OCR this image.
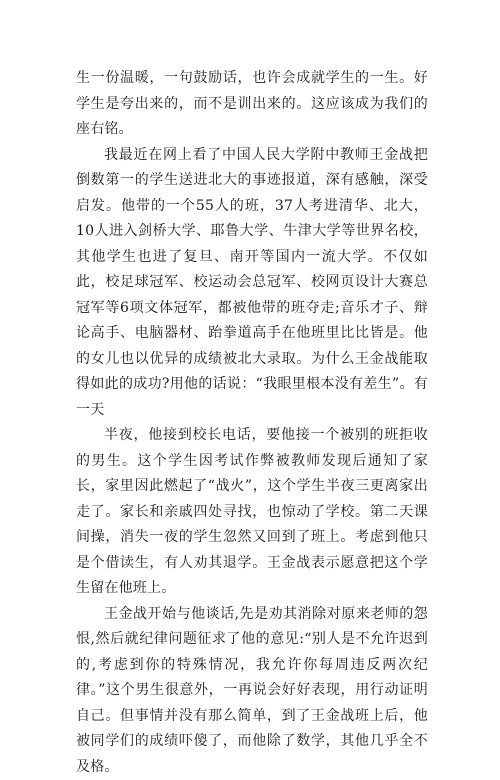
生一份温暖，一句鼓励话，也许会成就学生的一生。好学生是夸出来的，而不是训出来的。这应该成为我们的座右铭。

我最近在网上看了中国人民大学附中教师王金战把倒数第一的学生送进北大的事迹报道，深有感触，深受启发。他带的一个55人的班，37人考进清华、北大，10人进入剑桥大学、耶鲁大学、牛津大学等世界名校，其他学生也进了复旦、南开等国内一流大学。不仅如此，校足球冠军、校运动会总冠军、校网页设计大赛总冠军等6项文体冠军，都被他带的班夺走;音乐才子、辩论高手、电脑器材、跆拳道高手在他班里比比皆是。他的女儿也以优异的成绩被北大录取。为什么王金战能取得如此的成功?用他的话说：“我眼里根本没有差生”。有一天

半夜，他接到校长电话，要他接一个被别的班拒收的男生。这个学生因考试作弊被教师发现后通知了家长，家里因此燃起了“战火”，这个学生半夜三更离家出走了。家长和亲戚四处寻找，也惊动了学校。第二天课间操，消失一夜的学生忽然又回到了班上。考虑到他只是个借读生，有人劝其退学。王金战表示愿意把这个学生留在他班上。

王金战开始与他谈话,先是劝其消除对原来老师的怨恨,然后就纪律问题征求了他的意见:“别人是不允许迟到的,考虑到你的特殊情况，我允许你每周违反两次纪律。”这个男生很意外，一再说会好好表现，用行动证明自己。但事情并没有那么简单，到了王金战班上后，他被同学们的成绩吓傻了，而他除了数学，其他几乎全不及格。
